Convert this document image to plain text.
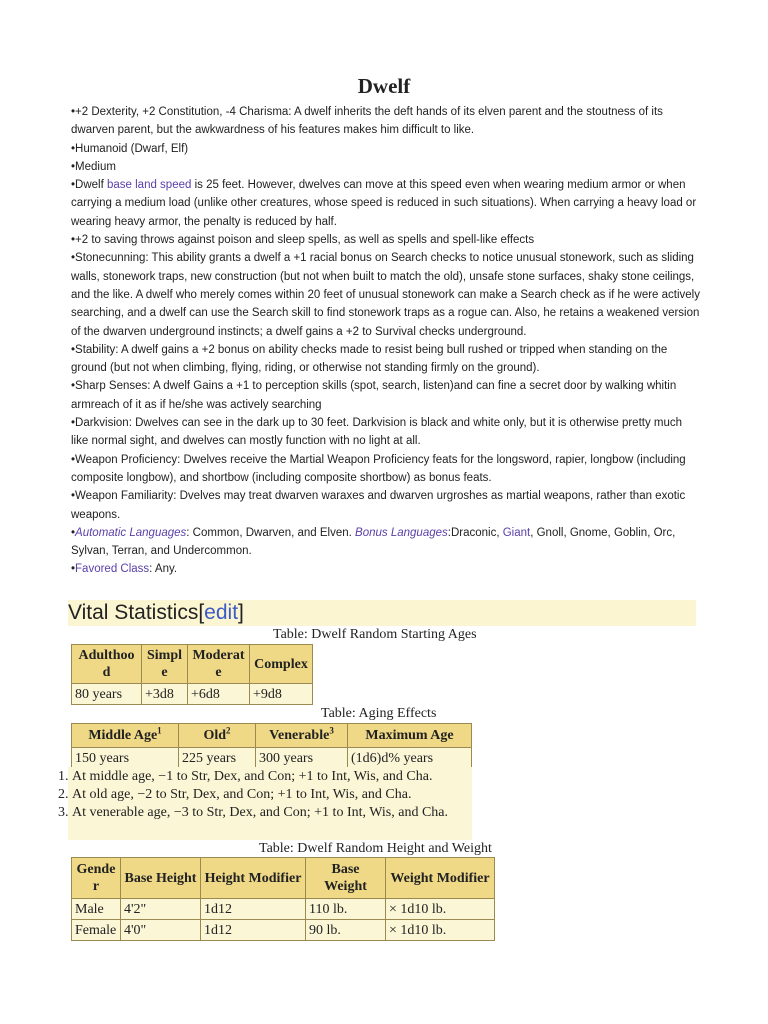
Dwelf

•+2 Dexterity, +2 Constitution, -4 Charisma: A dwelf inherits the deft hands of its elven parent and the stoutness of its dwarven parent, but the awkwardness of his features makes him difficult to like.

•Humanoid (Dwarf, Elf)

•Medium

•Dwelf base land speed is 25 feet. However, dwelves can move at this speed even when wearing medium armor or when carrying a medium load (unlike other creatures, whose speed is reduced in such situations). When carrying a heavy load or wearing heavy armor, the penalty is reduced by half.

•+2 to saving throws against poison and sleep spells, as well as spells and spell-like effects

•Stonecunning: This ability grants a dwelf a +1 racial bonus on Search checks to notice unusual stonework, such as sliding walls, stonework traps, new construction (but not when built to match the old), unsafe stone surfaces, shaky stone ceilings, and the like. A dwelf who merely comes within 20 feet of unusual stonework can make a Search check as if he were actively searching, and a dwelf can use the Search skill to find stonework traps as a rogue can. Also, he retains a weakened version of the dwarven underground instincts; a dwelf gains a +2 to Survival checks underground.

•Stability: A dwelf gains a +2 bonus on ability checks made to resist being bull rushed or tripped when standing on the ground (but not when climbing, flying, riding, or otherwise not standing firmly on the ground).

•Sharp Senses: A dwelf Gains a +1 to perception skills (spot, search, listen)and can fine a secret door by walking whitin armreach of it as if he/she was actively searching

•Darkvision: Dwelves can see in the dark up to 30 feet. Darkvision is black and white only, but it is otherwise pretty much like normal sight, and dwelves can mostly function with no light at all.

•Weapon Proficiency: Dwelves receive the Martial Weapon Proficiency feats for the longsword, rapier, longbow (including composite longbow), and shortbow (including composite shortbow) as bonus feats.

•Weapon Familiarity: Dvelves may treat dwarven waraxes and dwarven urgroshes as martial weapons, rather than exotic weapons.

•Automatic Languages: Common, Dwarven, and Elven. Bonus Languages:Draconic, Giant, Gnoll, Gnome, Goblin, Orc, Sylvan, Terran, and Undercommon.

•Favored Class: Any.

Vital Statistics[edit]
Table: Dwelf Random Starting Ages
Adulthood	Simple	Moderate	Complex
80 years	+3d8	+6d8	+9d8
Table: Aging Effects
Middle Age$^1$	Old$^2$	Venerable$^3$	Maximum Age
150 years	225 years	300 years	(1d6)d% years
1. At middle age, −1 to Str, Dex, and Con; +1 to Int, Wis, and Cha.
2. At old age, −2 to Str, Dex, and Con; +1 to Int, Wis, and Cha.
3. At venerable age, −3 to Str, Dex, and Con; +1 to Int, Wis, and Cha.
Table: Dwelf Random Height and Weight
Gender	Base Height	Height Modifier	Base Weight	Weight Modifier
Male	4'2"	1d12	110 lb.	× 1d10 lb.
Female	4'0"	1d12	90 lb.	× 1d10 lb.
